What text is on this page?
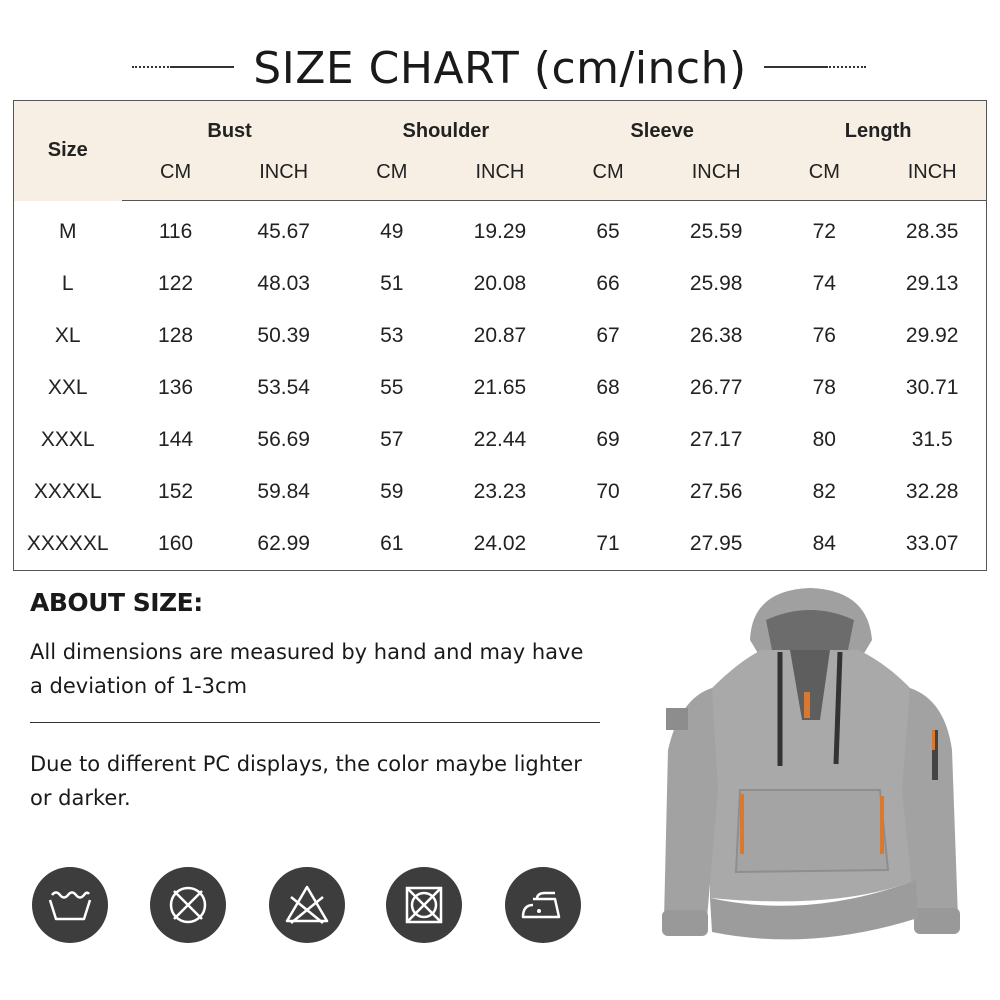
SIZE CHART (cm/inch)
Size	Bust		Shoulder		Sleeve		Length	
	CM	INCH	CM	INCH	CM	INCH	CM	INCH
M	116	45.67	49	19.29	65	25.59	72	28.35
L	122	48.03	51	20.08	66	25.98	74	29.13
XL	128	50.39	53	20.87	67	26.38	76	29.92
XXL	136	53.54	55	21.65	68	26.77	78	30.71
XXXL	144	56.69	57	22.44	69	27.17	80	31.5
XXXXL	152	59.84	59	23.23	70	27.56	82	32.28
XXXXXL	160	62.99	61	24.02	71	27.95	84	33.07
ABOUT SIZE:
All dimensions are measured by hand and may have
a deviation of 1-3cm
Due to different PC displays, the color maybe lighter
or darker.
